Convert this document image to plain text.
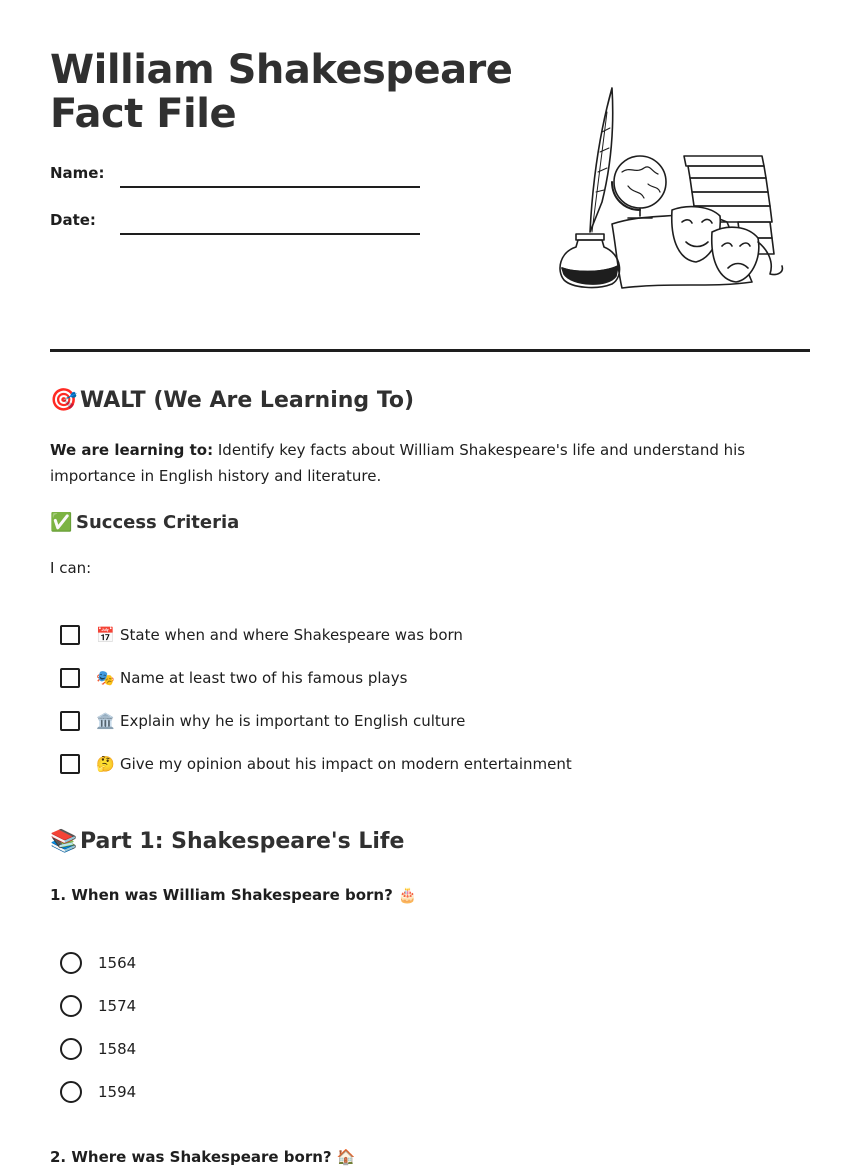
William Shakespeare
Fact File
Name:
Date:
🎯 WALT (We Are Learning To)

We are learning to: Identify key facts about William Shakespeare's life and understand his importance in English history and literature.

✅ Success Criteria

I can:

📅 State when and where Shakespeare was born
🎭 Name at least two of his famous plays
🏛️ Explain why he is important to English culture
🤔 Give my opinion about his impact on modern entertainment
📚 Part 1: Shakespeare's Life

1. When was William Shakespeare born? 🎂

1564
1574
1584
1594

2. Where was Shakespeare born? 🏠
